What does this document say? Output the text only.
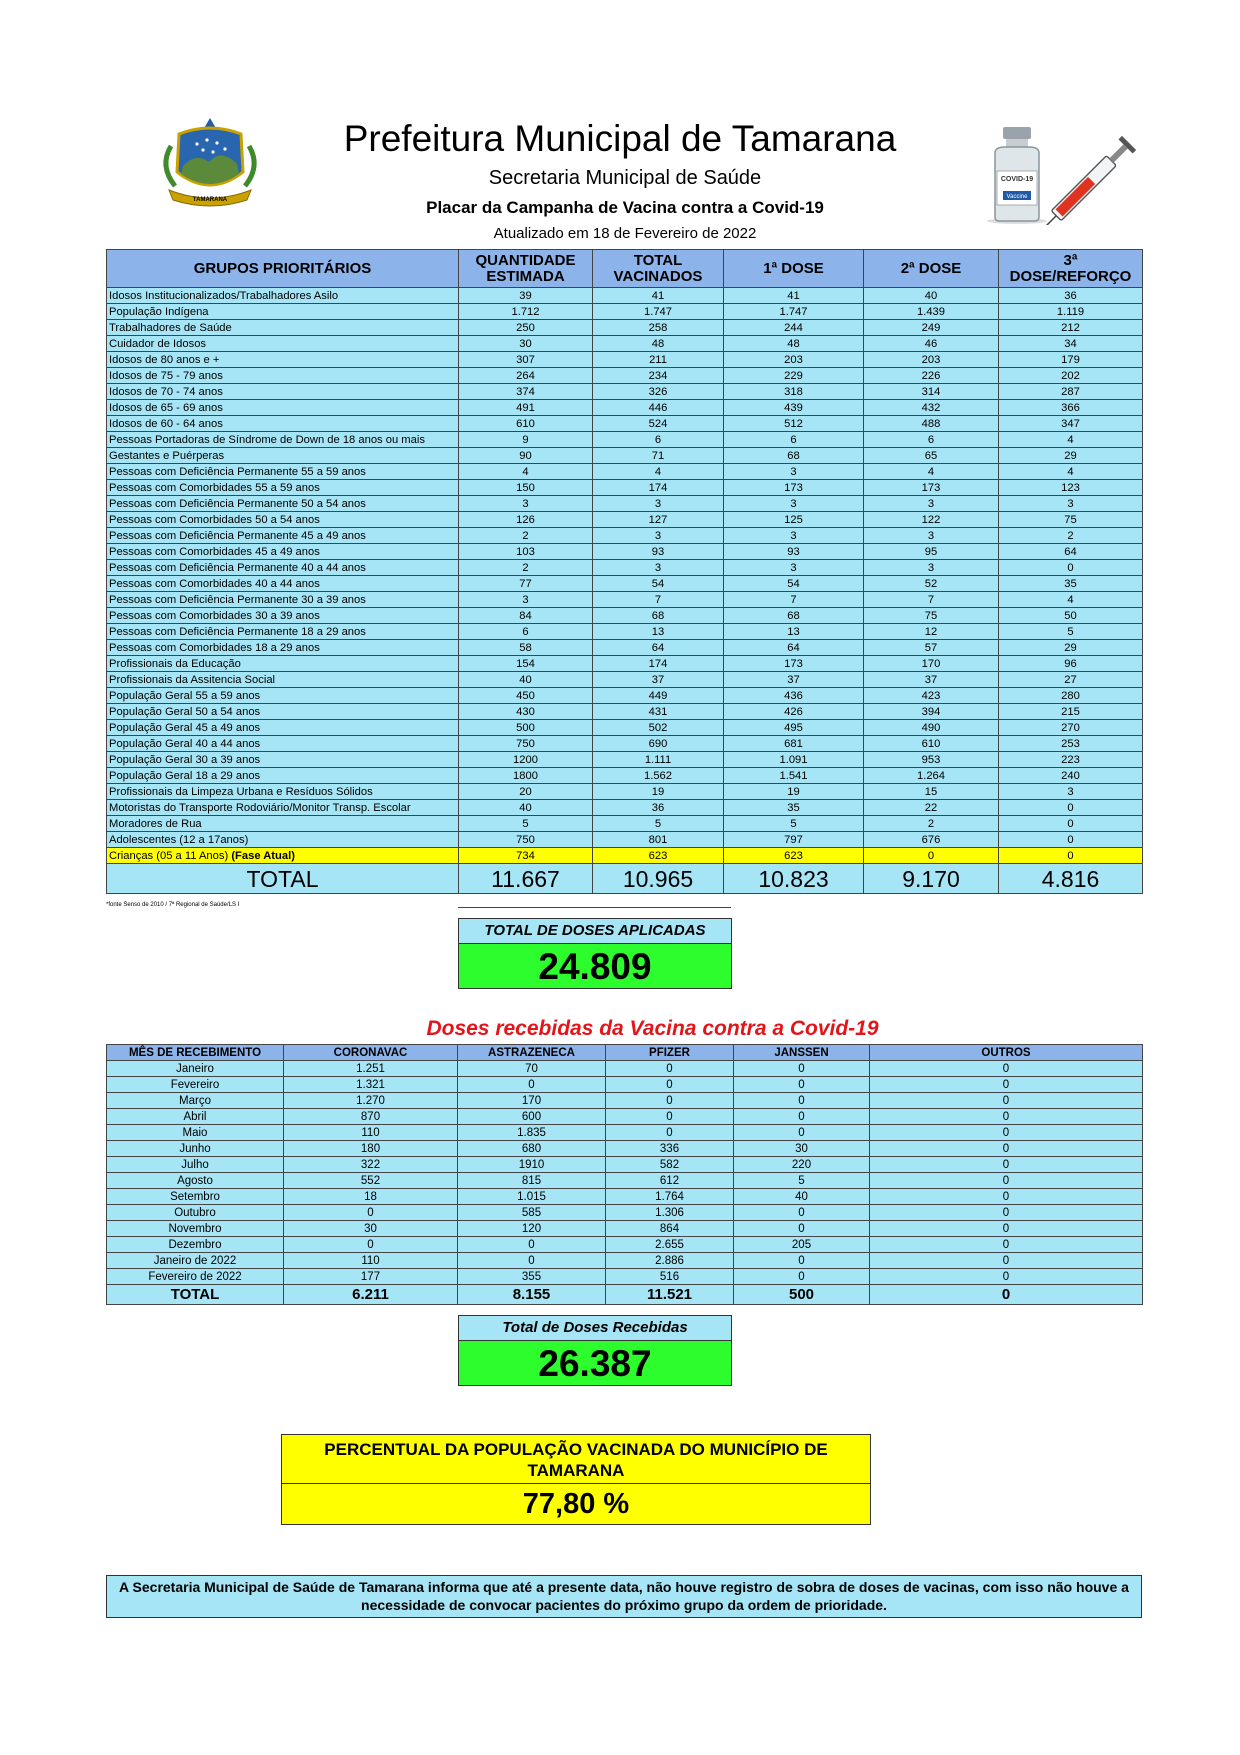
TAMARANA
COVID-19
Vaccine
Prefeitura Municipal de Tamarana
Secretaria Municipal de Saúde
Placar da Campanha de Vacina contra a Covid-19
Atualizado em 18 de Fevereiro de 2022
GRUPOS PRIORITÁRIOS	QUANTIDADE ESTIMADA	TOTAL VACINADOS	1ª DOSE	2ª DOSE	3ª DOSE/REFORÇO
Idosos Institucionalizados/Trabalhadores Asilo	39	41	41	40	36
População Indígena	1.712	1.747	1.747	1.439	1.119
Trabalhadores de Saúde	250	258	244	249	212
Cuidador de Idosos	30	48	48	46	34
Idosos de 80 anos e +	307	211	203	203	179
Idosos de 75 - 79 anos	264	234	229	226	202
Idosos de 70 - 74 anos	374	326	318	314	287
Idosos de 65 - 69 anos	491	446	439	432	366
Idosos de 60 - 64 anos	610	524	512	488	347
Pessoas Portadoras de Síndrome de Down de 18 anos ou mais	9	6	6	6	4
Gestantes e Puérperas	90	71	68	65	29
Pessoas com Deficiência Permanente 55 a 59 anos	4	4	3	4	4
Pessoas com Comorbidades 55 a 59 anos	150	174	173	173	123
Pessoas com Deficiência Permanente 50 a 54 anos	3	3	3	3	3
Pessoas com Comorbidades 50 a 54 anos	126	127	125	122	75
Pessoas com Deficiência Permanente 45 a 49 anos	2	3	3	3	2
Pessoas com Comorbidades 45 a 49 anos	103	93	93	95	64
Pessoas com Deficiência Permanente 40 a 44 anos	2	3	3	3	0
Pessoas com Comorbidades 40 a 44 anos	77	54	54	52	35
Pessoas com Deficiência Permanente 30 a 39 anos	3	7	7	7	4
Pessoas com Comorbidades 30 a 39 anos	84	68	68	75	50
Pessoas com Deficiência Permanente 18 a 29 anos	6	13	13	12	5
Pessoas com Comorbidades 18 a 29 anos	58	64	64	57	29
Profissionais da Educação	154	174	173	170	96
Profissionais da Assitencia Social	40	37	37	37	27
População Geral 55 a 59 anos	450	449	436	423	280
População Geral 50 a 54 anos	430	431	426	394	215
População Geral 45 a 49 anos	500	502	495	490	270
População Geral 40 a 44 anos	750	690	681	610	253
População Geral 30 a 39 anos	1200	1.111	1.091	953	223
População Geral 18 a 29 anos	1800	1.562	1.541	1.264	240
Profissionais da Limpeza Urbana e Resíduos Sólidos	20	19	19	15	3
Motoristas do Transporte Rodoviário/Monitor Transp. Escolar	40	36	35	22	0
Moradores de Rua	5	5	5	2	0
Adolescentes (12 a 17anos)	750	801	797	676	0
Crianças (05 a 11 Anos) (Fase Atual)	734	623	623	0	0
TOTAL	11.667	10.965	10.823	9.170	4.816
*fonte Senso de 2010 / 7ª Regional de Saúde/LS I
TOTAL DE DOSES APLICADAS
24.809
Doses recebidas da Vacina contra a Covid-19
MÊS DE RECEBIMENTO	CORONAVAC	ASTRAZENECA	PFIZER	JANSSEN	OUTROS
Janeiro	1.251	70	0	0	0
Fevereiro	1.321	0	0	0	0
Março	1.270	170	0	0	0
Abril	870	600	0	0	0
Maio	110	1.835	0	0	0
Junho	180	680	336	30	0
Julho	322	1910	582	220	0
Agosto	552	815	612	5	0
Setembro	18	1.015	1.764	40	0
Outubro	0	585	1.306	0	0
Novembro	30	120	864	0	0
Dezembro	0	0	2.655	205	0
Janeiro de 2022	110	0	2.886	0	0
Fevereiro de 2022	177	355	516	0	0
TOTAL	6.211	8.155	11.521	500	0
Total de Doses Recebidas
26.387
PERCENTUAL DA POPULAÇÃO VACINADA DO MUNICÍPIO DE TAMARANA
77,80 %
A Secretaria Municipal de Saúde de Tamarana informa que até a presente data, não houve registro de sobra de doses de vacinas, com isso não houve a necessidade de convocar pacientes do próximo grupo da ordem de prioridade.
